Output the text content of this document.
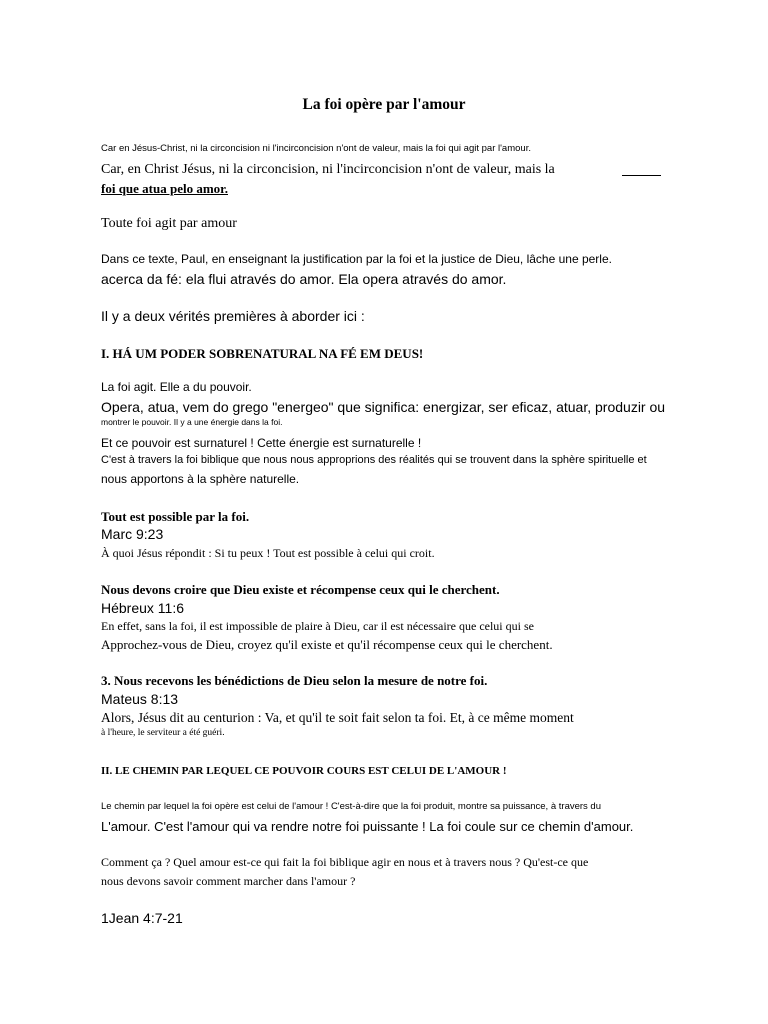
La foi opère par l'amour

Car en Jésus-Christ, ni la circoncision ni l'incirconcision n'ont de valeur, mais la foi qui agit par l'amour.

Car, en Christ Jésus, ni la circoncision, ni l'incirconcision n'ont de valeur, mais la

foi que atua pelo amor.

Toute foi agit par amour

Dans ce texte, Paul, en enseignant la justification par la foi et la justice de Dieu, lâche une perle.

acerca da fé: ela flui através do amor. Ela opera através do amor.

Il y a deux vérités premières à aborder ici :

I. HÁ UM PODER SOBRENATURAL NA FÉ EM DEUS!

La foi agit. Elle a du pouvoir.

Opera, atua, vem do grego "energeo" que significa: energizar, ser eficaz, atuar, produzir ou

montrer le pouvoir. Il y a une énergie dans la foi.

Et ce pouvoir est surnaturel ! Cette énergie est surnaturelle !

C'est à travers la foi biblique que nous nous approprions des réalités qui se trouvent dans la sphère spirituelle et

nous apportons à la sphère naturelle.

Tout est possible par la foi.

Marc 9:23

À quoi Jésus répondit : Si tu peux ! Tout est possible à celui qui croit.

Nous devons croire que Dieu existe et récompense ceux qui le cherchent.

Hébreux 11:6

En effet, sans la foi, il est impossible de plaire à Dieu, car il est nécessaire que celui qui se

Approchez-vous de Dieu, croyez qu'il existe et qu'il récompense ceux qui le cherchent.

3. Nous recevons les bénédictions de Dieu selon la mesure de notre foi.

Mateus 8:13

Alors, Jésus dit au centurion : Va, et qu'il te soit fait selon ta foi. Et, à ce même moment

à l'heure, le serviteur a été guéri.

II. LE CHEMIN PAR LEQUEL CE POUVOIR COURS EST CELUI DE L'AMOUR !

Le chemin par lequel la foi opère est celui de l'amour ! C'est-à-dire que la foi produit, montre sa puissance, à travers du

L'amour. C'est l'amour qui va rendre notre foi puissante ! La foi coule sur ce chemin d'amour.

Comment ça ? Quel amour est-ce qui fait la foi biblique agir en nous et à travers nous ? Qu'est-ce que

nous devons savoir comment marcher dans l'amour ?

1Jean 4:7-21
